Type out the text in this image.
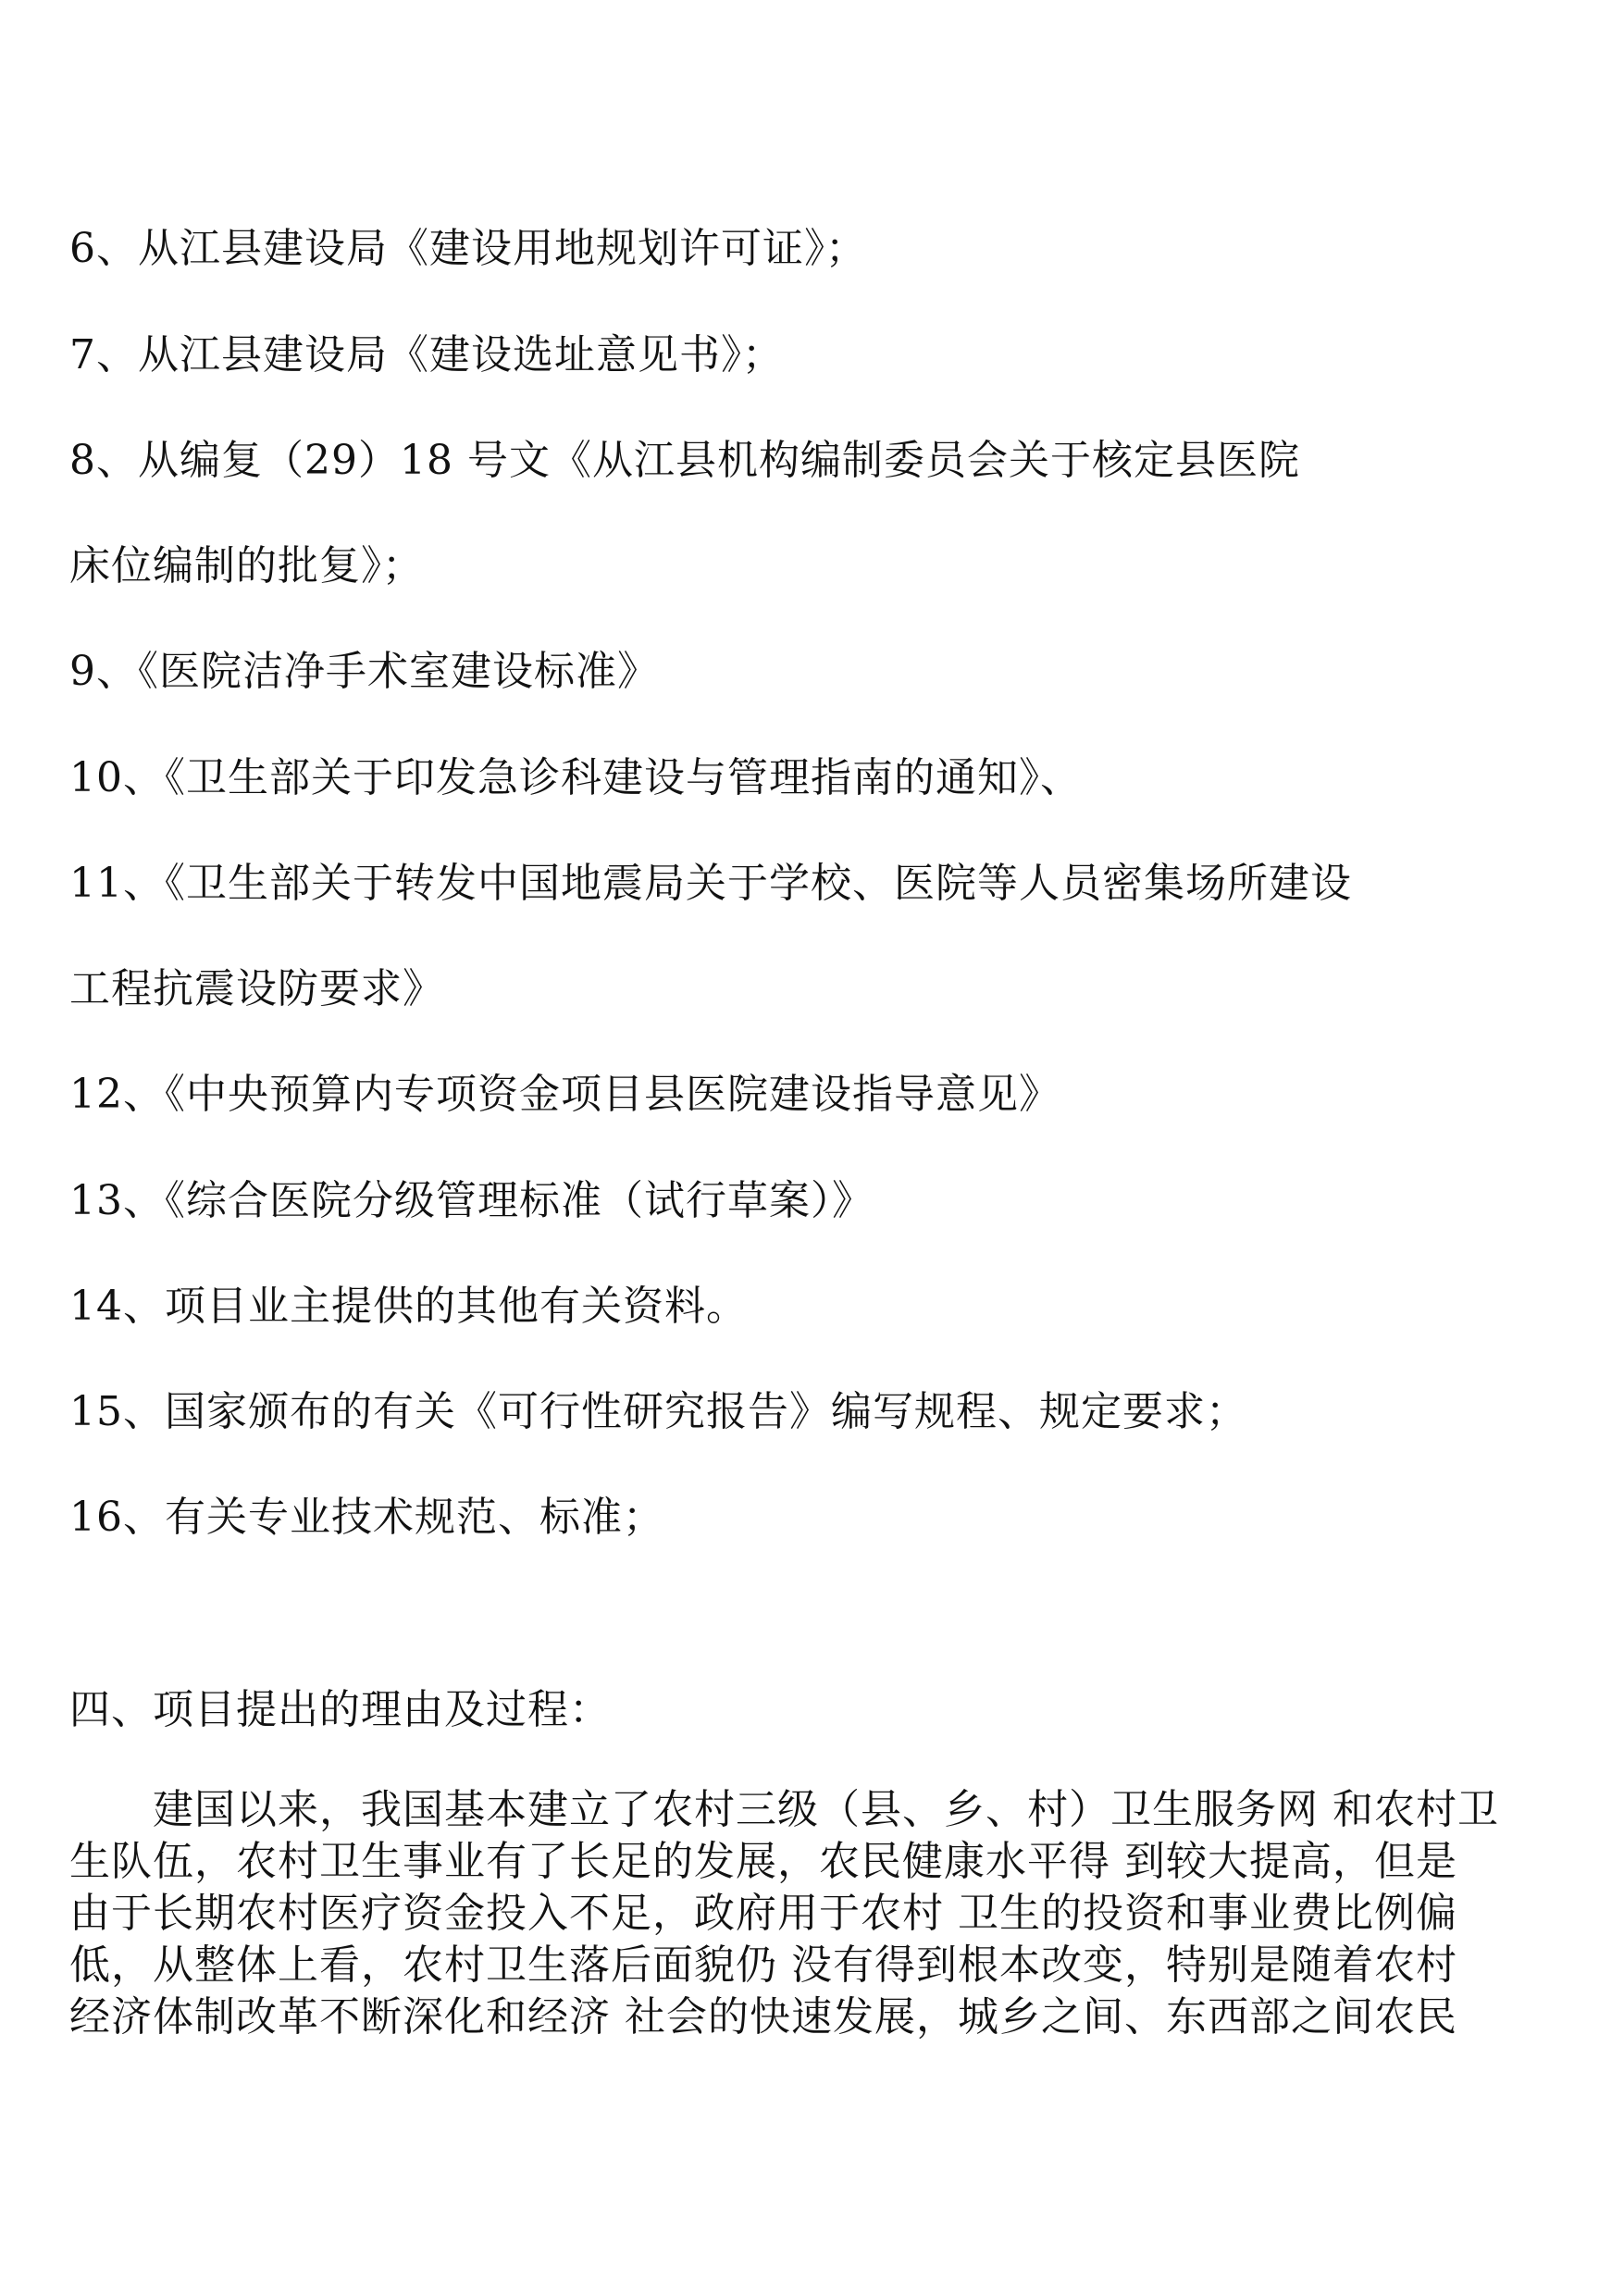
6、从江县建设局《建设用地规划许可证》；
7、从江县建设局《建设选址意见书》；
8、从编复（29）18 号文《从江县机构编制委员会关于核定县医院
床位编制的批复》；
9、《医院洁净手术室建设标准》
10、《卫生部关于印发急诊科建设与管理指南的通知》、
11、《卫生部关于转发中国地震局关于学校、医院等人员密集场所建设
工程抗震设防要求》
12、《中央预算内专项资金项目县医院建设指导意见》
13、《综合医院分级管理标准（试行草案）》
14、项目业主提供的其他有关资料。
15、国家颁布的有关《可行性研究报告》编写规程、规定要求；
16、有关专业技术规范、标准；
四、项目提出的理由及过程：

　　建国以来，我国基本建立了农村三级（县、乡、村）卫生服务网 和农村卫

生队伍，农村卫生事业有了长足的发展，农民健康水平得 到较大提高，但是

由于长期农村医疗资金投入不足，政府用于农村 卫生的投资和事业费比例偏

低，从整体上看，农村卫生落后面貌仍 没有得到根本改变，特别是随着农村

经济体制改革不断深化和经济 社会的快速发展，城乡之间、东西部之间农民
